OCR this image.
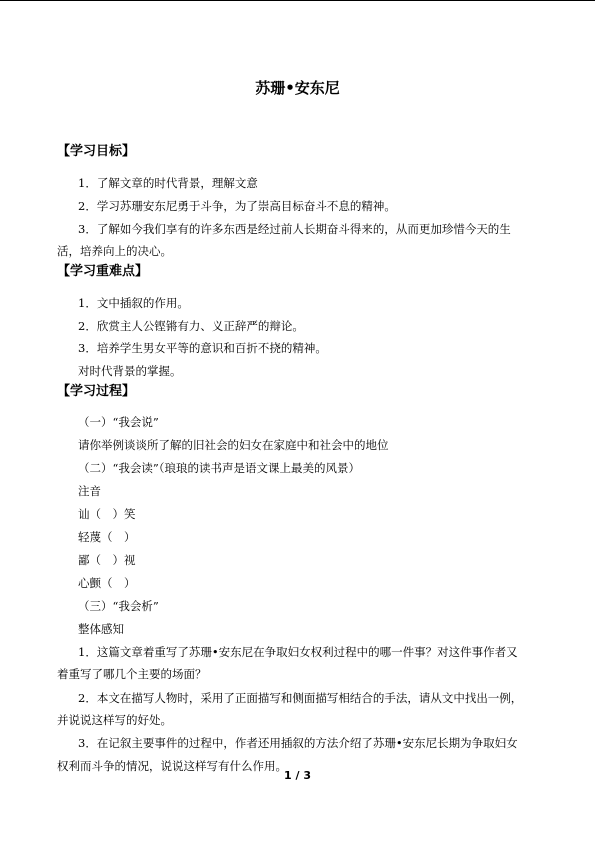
苏珊•安东尼
【学习目标】
1．了解文章的时代背景，理解文意
2．学习苏珊安东尼勇于斗争，为了崇高目标奋斗不息的精神。
3．了解如今我们享有的许多东西是经过前人长期奋斗得来的，从而更加珍惜今天的生
活，培养向上的决心。
【学习重难点】
1．文中插叙的作用。
2．欣赏主人公铿锵有力、义正辞严的辩论。
3．培养学生男女平等的意识和百折不挠的精神。
对时代背景的掌握。
【学习过程】
（一）“我会说”
请你举例谈谈所了解的旧社会的妇女在家庭中和社会中的地位
（二）“我会读”（琅琅的读书声是语文课上最美的风景）
注音
讪（　）笑
轻蔑（　）
鄙（　）视
心颤（　）
（三）“我会析”
整体感知
1．这篇文章着重写了苏珊•安东尼在争取妇女权利过程中的哪一件事？对这件事作者又
着重写了哪几个主要的场面？
2．本文在描写人物时，采用了正面描写和侧面描写相结合的手法，请从文中找出一例，
并说说这样写的好处。
3．在记叙主要事件的过程中，作者还用插叙的方法介绍了苏珊•安东尼长期为争取妇女
权利而斗争的情况，说说这样写有什么作用。
1 / 3
